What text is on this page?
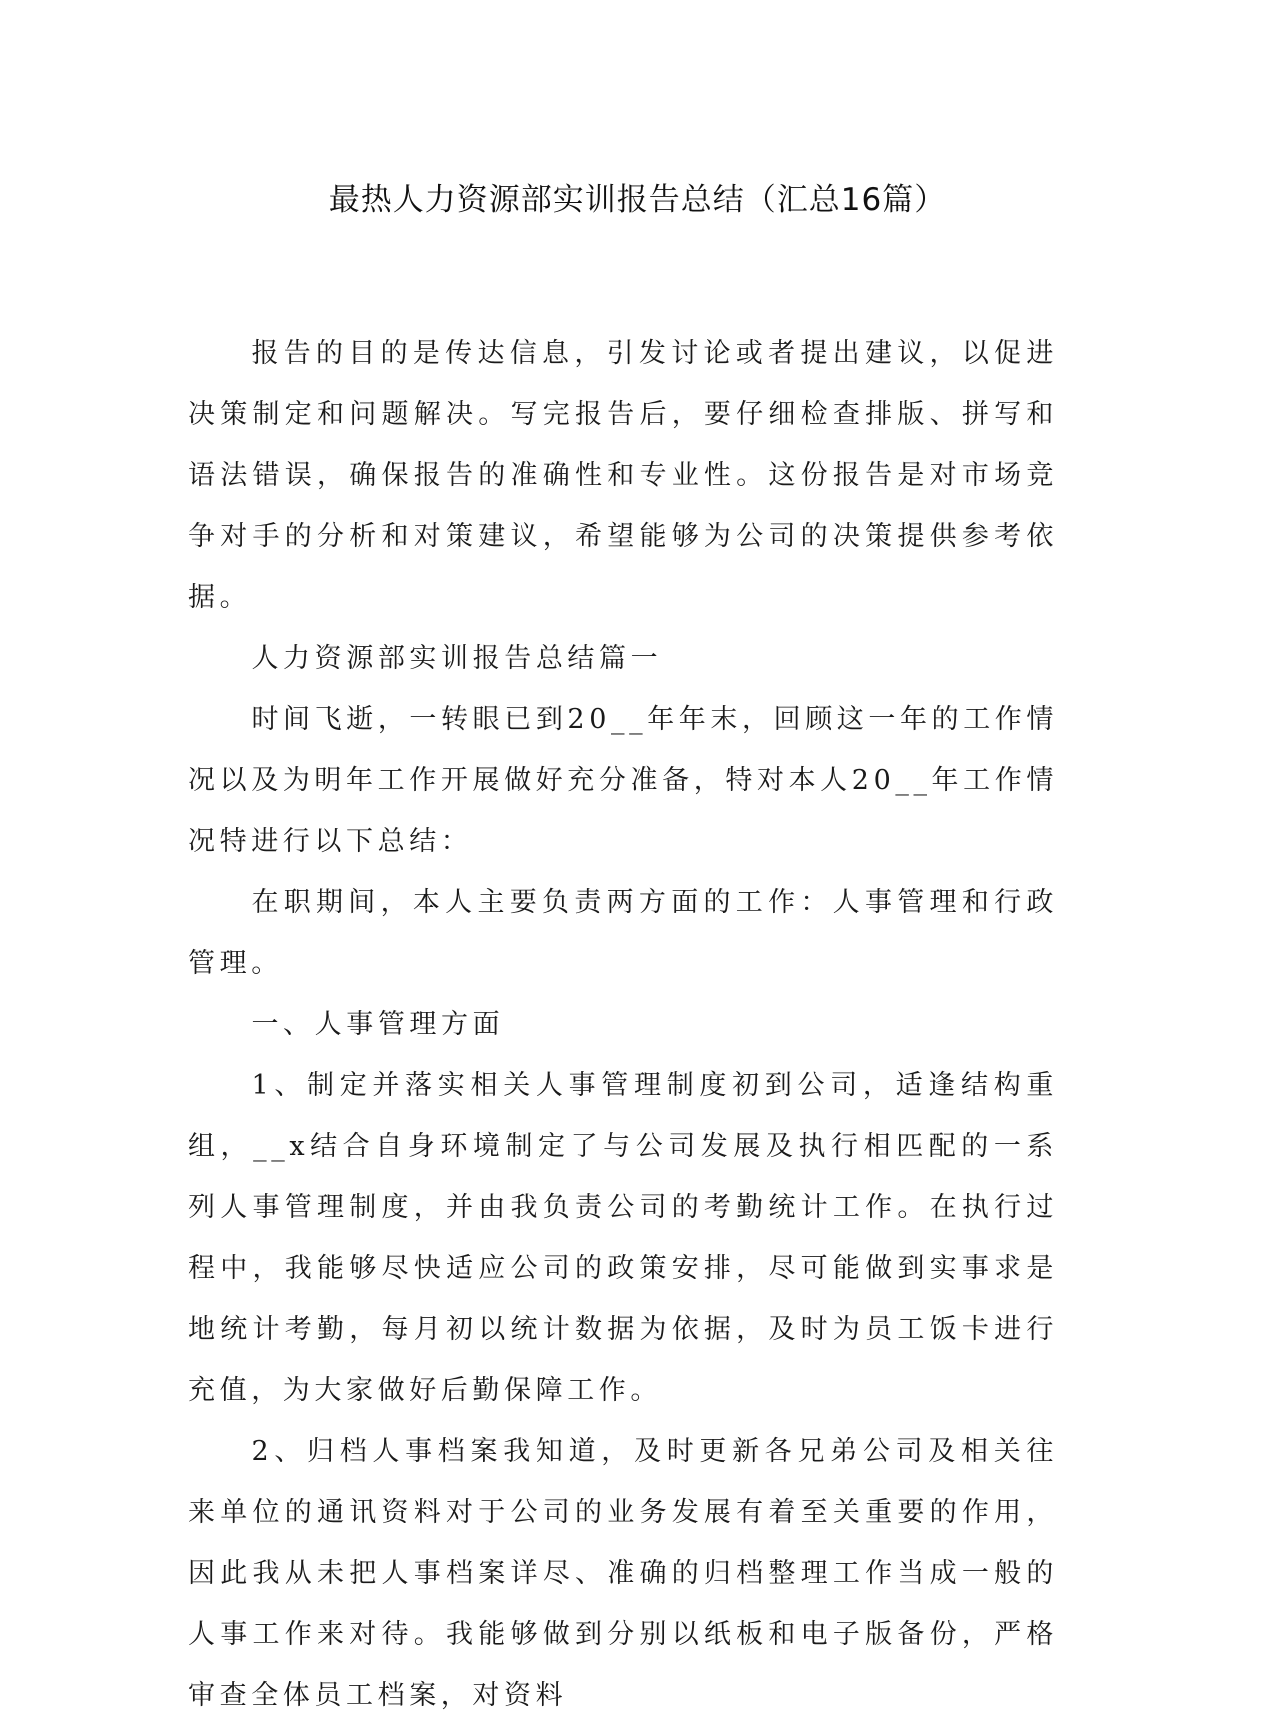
最热人力资源部实训报告总结（汇总16篇）

报告的目的是传达信息，引发讨论或者提出建议，以促进决策制定和问题解决。写完报告后，要仔细检查排版、拼写和语法错误，确保报告的准确性和专业性。这份报告是对市场竞争对手的分析和对策建议，希望能够为公司的决策提供参考依据。

人力资源部实训报告总结篇一

时间飞逝，一转眼已到20__年年末，回顾这一年的工作情况以及为明年工作开展做好充分准备，特对本人20__年工作情况特进行以下总结：

在职期间，本人主要负责两方面的工作：人事管理和行政管理。

一、人事管理方面

1、制定并落实相关人事管理制度初到公司，适逢结构重组，__x结合自身环境制定了与公司发展及执行相匹配的一系列人事管理制度，并由我负责公司的考勤统计工作。在执行过程中，我能够尽快适应公司的政策安排，尽可能做到实事求是地统计考勤，每月初以统计数据为依据，及时为员工饭卡进行充值，为大家做好后勤保障工作。

2、归档人事档案我知道，及时更新各兄弟公司及相关往来单位的通讯资料对于公司的业务发展有着至关重要的作用，因此我从未把人事档案详尽、准确的归档整理工作当成一般的人事工作来对待。我能够做到分别以纸板和电子版备份，严格审查全体员工档案，对资料
